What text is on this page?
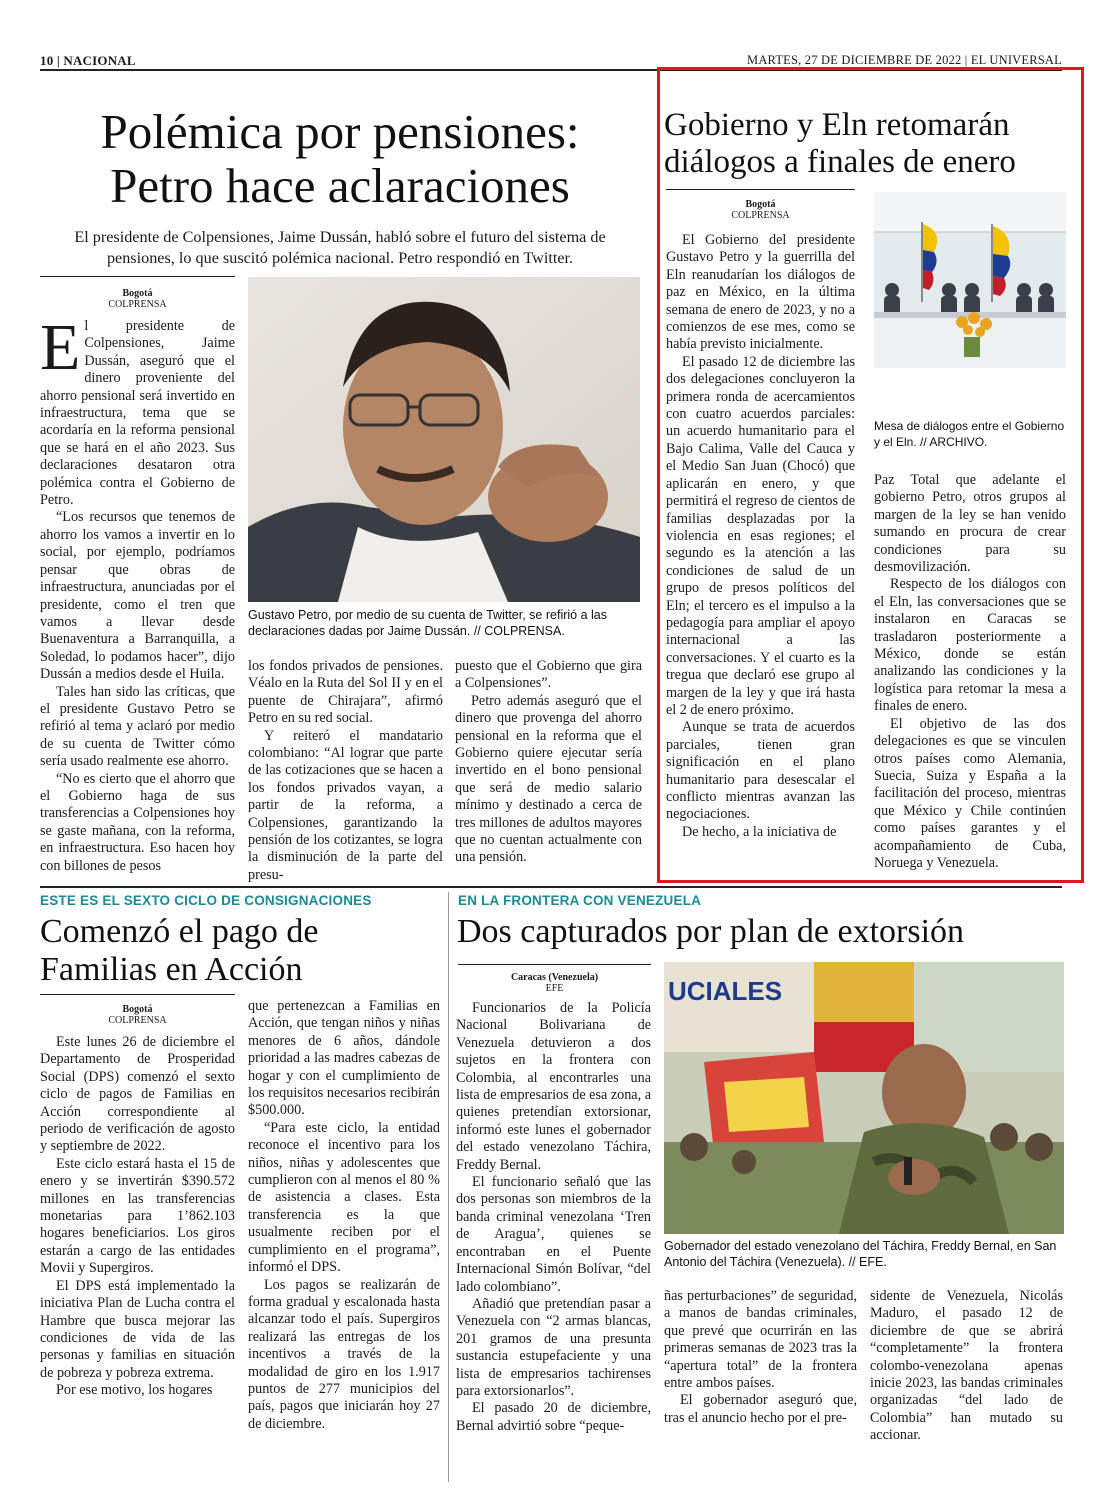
10 | NACIONAL	MARTES, 27 DE DICIEMBRE DE 2022 | EL UNIVERSAL
Polémica por pensiones:
Petro hace aclaraciones
El presidente de Colpensiones, Jaime Dussán, habló sobre el futuro del sistema de
pensiones, lo que suscitó polémica nacional. Petro respondió en Twitter.
Bogotá
COLPRENSA
E l presidente de Colpensiones, Jaime Dussán, aseguró que el dinero proveniente del ahorro pensional será invertido en infraestructura, tema que se acordaría en la reforma pensional que se hará en el año 2023. Sus declaraciones desataron otra polémica contra el Gobierno de Petro.

“Los recursos que tenemos de ahorro los vamos a invertir en lo social, por ejemplo, podríamos pensar que obras de infraestructura, anunciadas por el presidente, como el tren que vamos a llevar desde Buenaventura a Barranquilla, a Soledad, lo podamos hacer”, dijo Dussán a medios desde el Huila.

Tales han sido las críticas, que el presidente Gustavo Petro se refirió al tema y aclaró por medio de su cuenta de Twitter cómo sería usado realmente ese ahorro.

“No es cierto que el ahorro que el Gobierno haga de sus transferencias a Colpensiones hoy se gaste mañana, con la reforma, en infraestructura. Eso hacen hoy con billones de pesos

Gustavo Petro, por medio de su cuenta de Twitter, se refirió a las declaraciones dadas por Jaime Dussán. // COLPRENSA.

los fondos privados de pensiones. Véalo en la Ruta del Sol II y en el puente de Chirajara”, afirmó Petro en su red social.

Y reiteró el mandatario colombiano: “Al lograr que parte de las cotizaciones que se hacen a los fondos privados vayan, a partir de la reforma, a Colpensiones, garantizando la pensión de los cotizantes, se logra la disminución de la parte del presu-

puesto que el Gobierno que gira a Colpensiones”.

Petro además aseguró que el dinero que provenga del ahorro pensional en la reforma que el Gobierno quiere ejecutar sería invertido en el bono pensional que será de medio salario mínimo y destinado a cerca de tres millones de adultos mayores que no cuentan actualmente con una pensión.

Gobierno y Eln retomarán
diálogos a finales de enero
Bogotá
COLPRENSA

El Gobierno del presidente Gustavo Petro y la guerrilla del Eln reanudarían los diálogos de paz en México, en la última semana de enero de 2023, y no a comienzos de ese mes, como se había previsto inicialmente.

El pasado 12 de diciembre las dos delegaciones concluyeron la primera ronda de acercamientos con cuatro acuerdos parciales: un acuerdo humanitario para el Bajo Calima, Valle del Cauca y el Medio San Juan (Chocó) que aplicarán en enero, y que permitirá el regreso de cientos de familias desplazadas por la violencia en esas regiones; el segundo es la atención a las condiciones de salud de un grupo de presos políticos del Eln; el tercero es el impulso a la pedagogía para ampliar el apoyo internacional a las conversaciones. Y el cuarto es la tregua que declaró ese grupo al margen de la ley y que irá hasta el 2 de enero próximo.

Aunque se trata de acuerdos parciales, tienen gran significación en el plano humanitario para desescalar el conflicto mientras avanzan las negociaciones.

De hecho, a la iniciativa de

Mesa de diálogos entre el Gobierno y el Eln. // ARCHIVO.

Paz Total que adelante el gobierno Petro, otros grupos al margen de la ley se han venido sumando en procura de crear condiciones para su desmovilización.

Respecto de los diálogos con el Eln, las conversaciones que se instalaron en Caracas se trasladaron posteriormente a México, donde se están analizando las condiciones y la logística para retomar la mesa a finales de enero.

El objetivo de las dos delegaciones es que se vinculen otros países como Alemania, Suecia, Suiza y España a la facilitación del proceso, mientras que México y Chile continúen como países garantes y el acompañamiento de Cuba, Noruega y Venezuela.

ESTE ES EL SEXTO CICLO DE CONSIGNACIONES
Comenzó el pago de
Familias en Acción
Bogotá
COLPRENSA

Este lunes 26 de diciembre el Departamento de Prosperidad Social (DPS) comenzó el sexto ciclo de pagos de Familias en Acción correspondiente al periodo de verificación de agosto y septiembre de 2022.

Este ciclo estará hasta el 15 de enero y se invertirán $390.572 millones en las transferencias monetarias para 1’862.103 hogares beneficiarios. Los giros estarán a cargo de las entidades Movii y Supergiros.

El DPS está implementado la iniciativa Plan de Lucha contra el Hambre que busca mejorar las condiciones de vida de las personas y familias en situación de pobreza y pobreza extrema.

Por ese motivo, los hogares

que pertenezcan a Familias en Acción, que tengan niños y niñas menores de 6 años, dándole prioridad a las madres cabezas de hogar y con el cumplimiento de los requisitos necesarios recibirán $500.000.

“Para este ciclo, la entidad reconoce el incentivo para los niños, niñas y adolescentes que cumplieron con al menos el 80 % de asistencia a clases. Esta transferencia es la que usualmente reciben por el cumplimiento en el programa”, informó el DPS.

Los pagos se realizarán de forma gradual y escalonada hasta alcanzar todo el país. Supergiros realizará las entregas de los incentivos a través de la modalidad de giro en los 1.917 puntos de 277 municipios del país, pagos que iniciarán hoy 27 de diciembre.

EN LA FRONTERA CON VENEZUELA
Dos capturados por plan de extorsión
Caracas (Venezuela)
EFE

Funcionarios de la Policía Nacional Bolivariana de Venezuela detuvieron a dos sujetos en la frontera con Colombia, al encontrarles una lista de empresarios de esa zona, a quienes pretendían extorsionar, informó este lunes el gobernador del estado venezolano Táchira, Freddy Bernal.

El funcionario señaló que las dos personas son miembros de la banda criminal venezolana ‘Tren de Aragua’, quienes se encontraban en el Puente Internacional Simón Bolívar, “del lado colombiano”.

Añadió que pretendían pasar a Venezuela con “2 armas blancas, 201 gramos de una presunta sustancia estupefaciente y una lista de empresarios tachirenses para extorsionarlos”.

El pasado 20 de diciembre, Bernal advirtió sobre “peque-

UCIALES
Gobernador del estado venezolano del Táchira, Freddy Bernal, en San Antonio del Táchira (Venezuela). // EFE.

ñas perturbaciones” de seguridad, a manos de bandas criminales, que prevé que ocurrirán en las primeras semanas de 2023 tras la “apertura total” de la frontera entre ambos países.

El gobernador aseguró que, tras el anuncio hecho por el pre-

sidente de Venezuela, Nicolás Maduro, el pasado 12 de diciembre de que se abrirá “completamente” la frontera colombo-venezolana apenas inicie 2023, las bandas criminales organizadas “del lado de Colombia” han mutado su accionar.
